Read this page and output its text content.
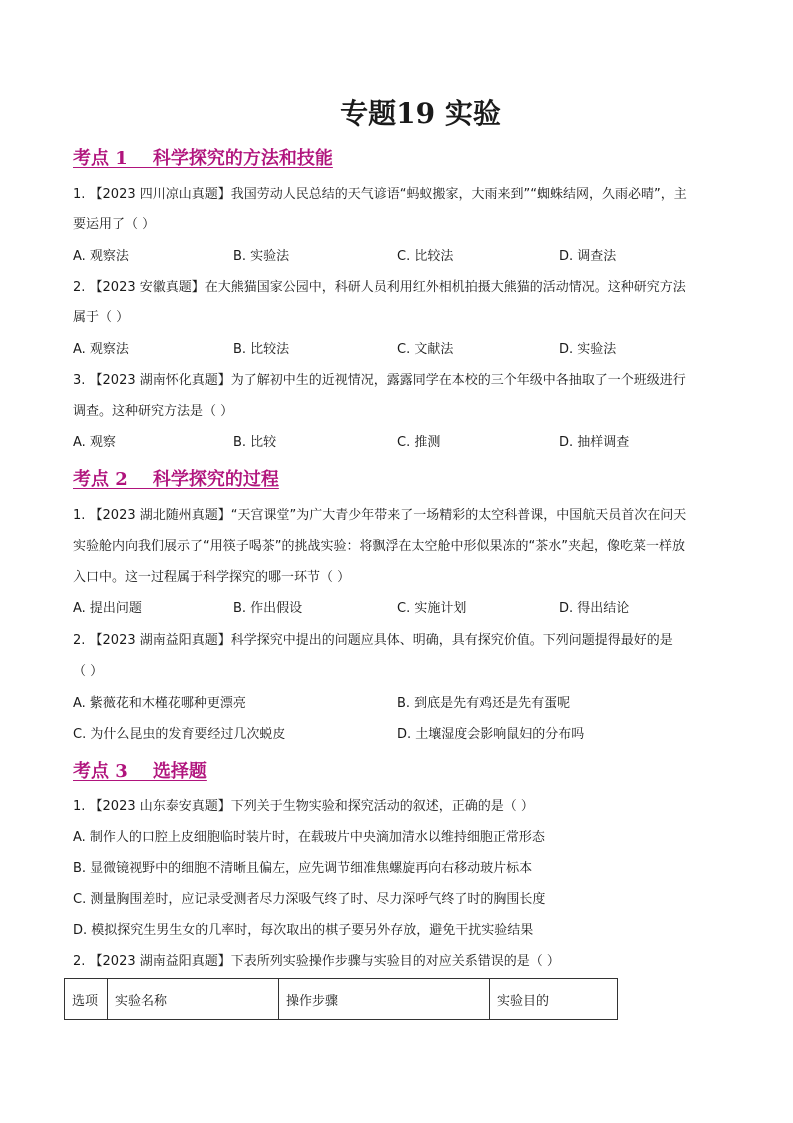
专题19 实验
考点 1    科学探究的方法和技能
1. 【2023 四川凉山真题】我国劳动人民总结的天气谚语“蚂蚁搬家，大雨来到”“蜘蛛结网，久雨必晴”，主
要运用了（ ）
A. 观察法	B. 实验法	C. 比较法	D. 调查法
2. 【2023 安徽真题】在大熊猫国家公园中，科研人员利用红外相机拍摄大熊猫的活动情况。这种研究方法
属于（ ）
A. 观察法	B. 比较法	C. 文献法	D. 实验法
3. 【2023 湖南怀化真题】为了解初中生的近视情况，露露同学在本校的三个年级中各抽取了一个班级进行
调查。这种研究方法是（ ）
A. 观察	B. 比较	C. 推测	D. 抽样调查
考点 2    科学探究的过程
1. 【2023 湖北随州真题】“天宫课堂”为广大青少年带来了一场精彩的太空科普课，中国航天员首次在问天
实验舱内向我们展示了“用筷子喝茶”的挑战实验：将飘浮在太空舱中形似果冻的“茶水”夹起，像吃菜一样放
入口中。这一过程属于科学探究的哪一环节（ ）
A. 提出问题	B. 作出假设	C. 实施计划	D. 得出结论
2. 【2023 湖南益阳真题】科学探究中提出的问题应具体、明确，具有探究价值。下列问题提得最好的是
（ ）
A. 紫薇花和木槿花哪种更漂亮	B. 到底是先有鸡还是先有蛋呢
C. 为什么昆虫的发育要经过几次蜕皮	D. 土壤湿度会影响鼠妇的分布吗
考点 3    选择题
1. 【2023 山东泰安真题】下列关于生物实验和探究活动的叙述，正确的是（ ）
A. 制作人的口腔上皮细胞临时装片时，在载玻片中央滴加清水以维持细胞正常形态
B. 显微镜视野中的细胞不清晰且偏左，应先调节细准焦螺旋再向右移动玻片标本
C. 测量胸围差时，应记录受测者尽力深吸气终了时、尽力深呼气终了时的胸围长度
D. 模拟探究生男生女的几率时，每次取出的棋子要另外存放，避免干扰实验结果
2. 【2023 湖南益阳真题】下表所列实验操作步骤与实验目的对应关系错误的是（ ）
选项	实验名称	操作步骤	实验目的
